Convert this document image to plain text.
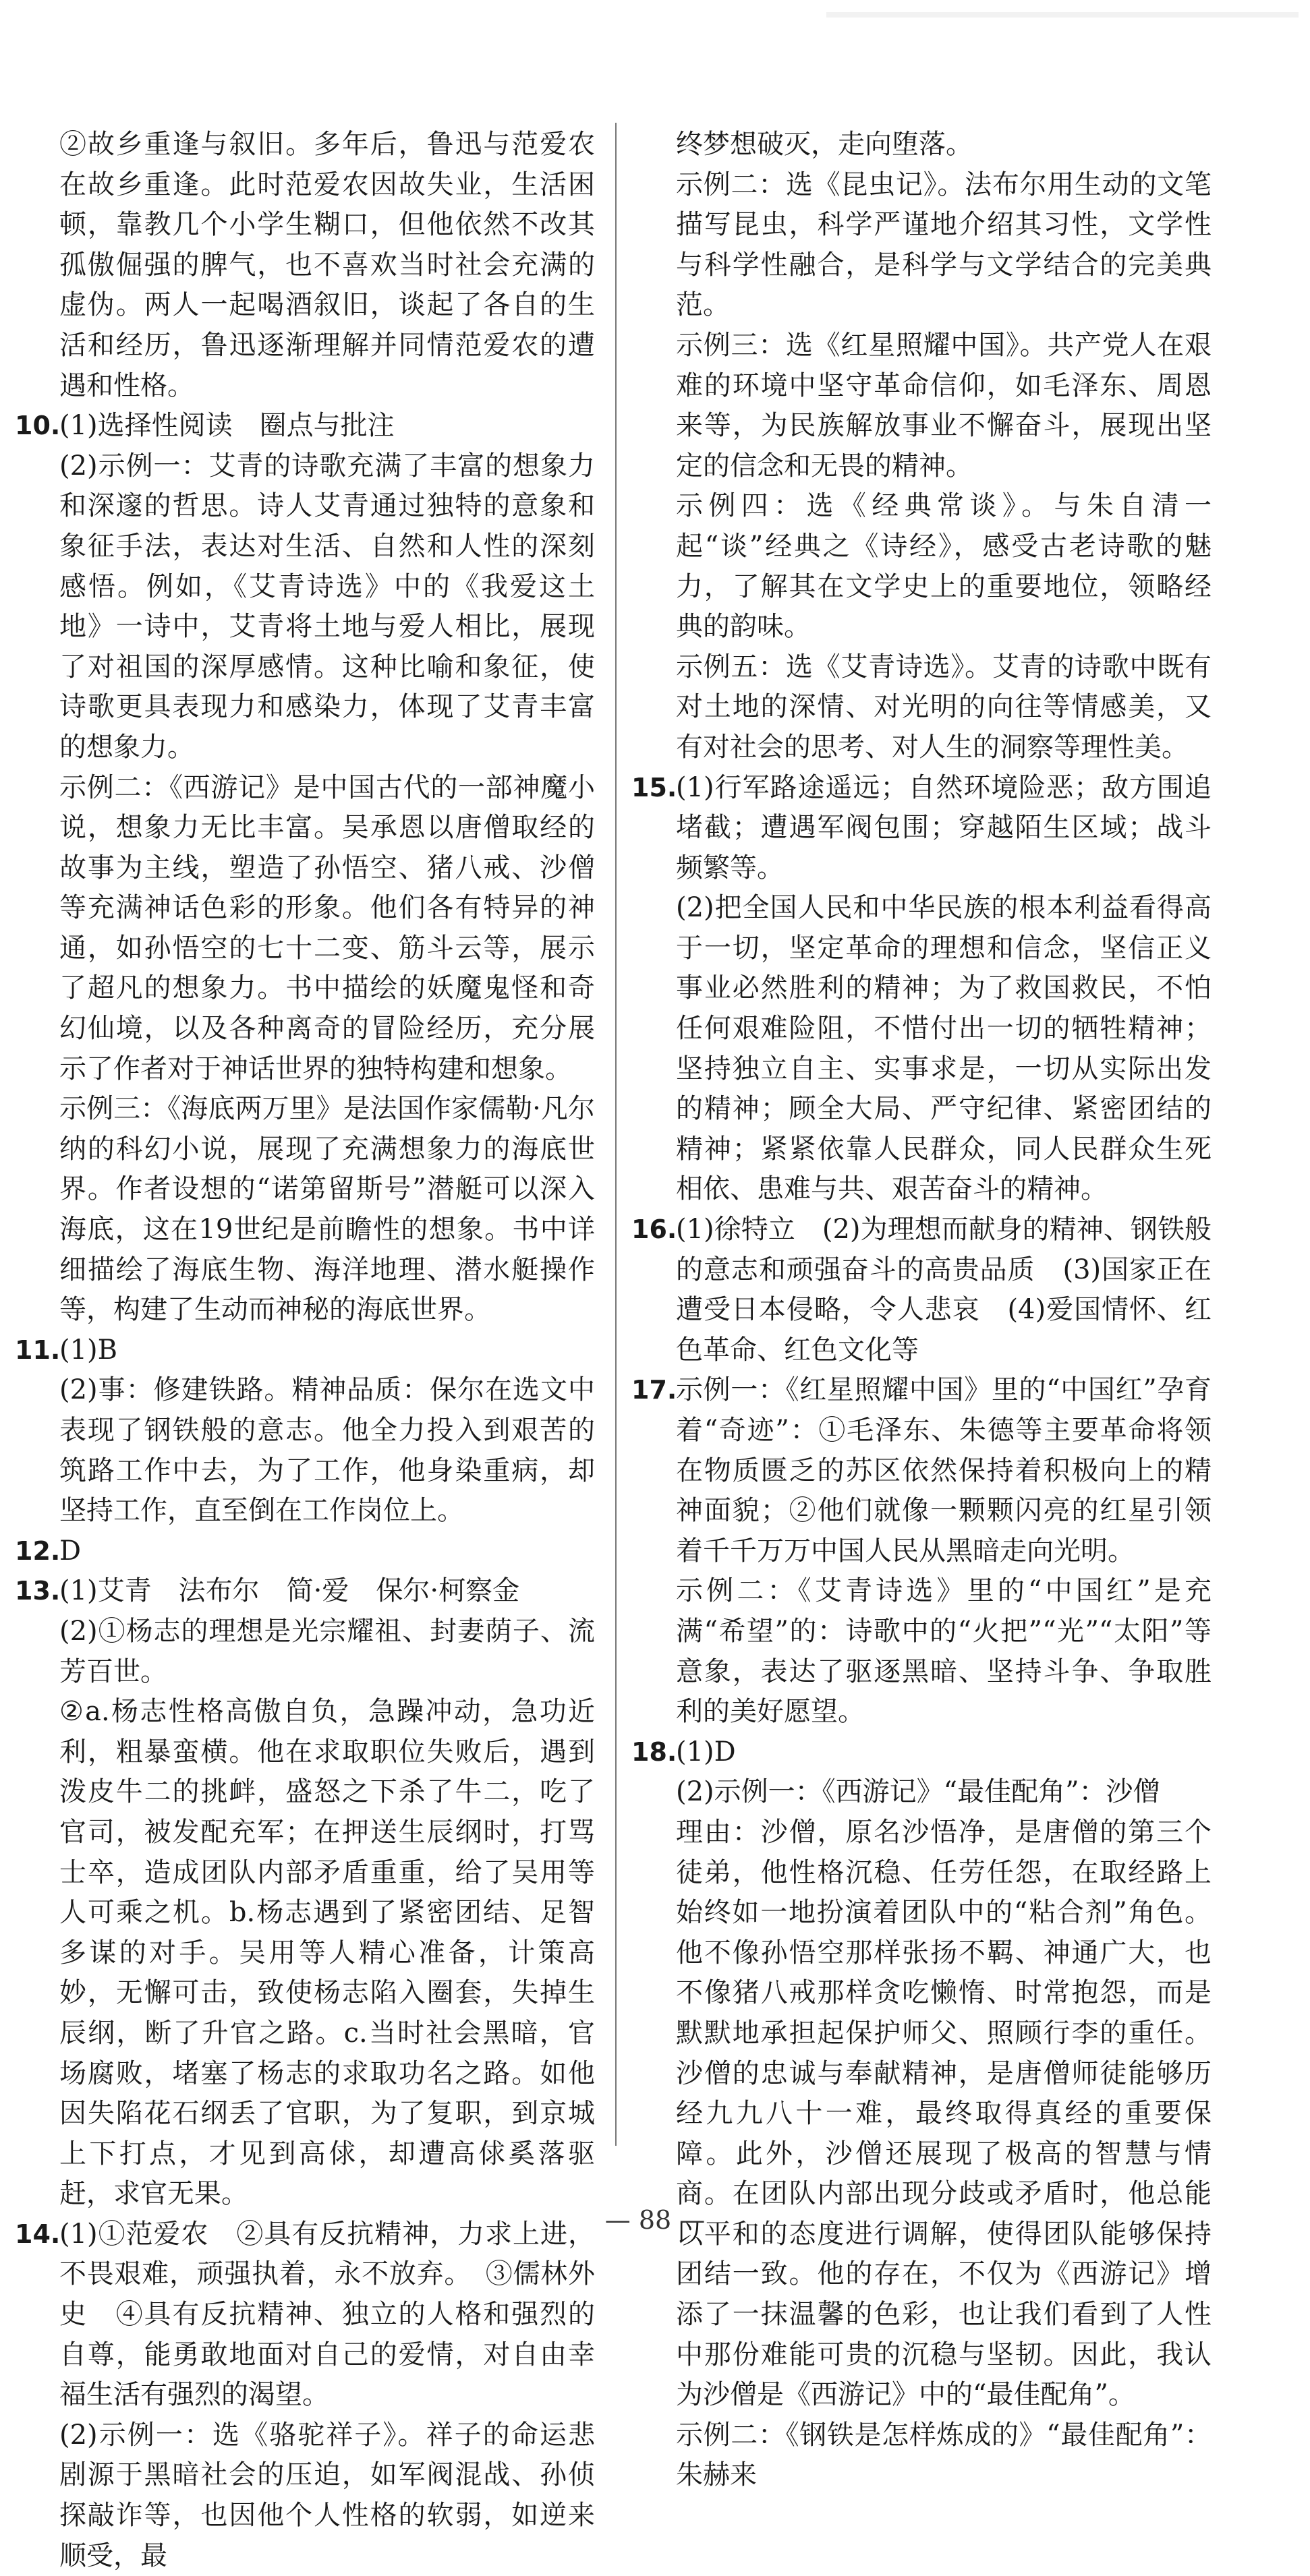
②故乡重逢与叙旧。多年后，鲁迅与范爱农在故乡重逢。此时范爱农因故失业，生活困顿，靠教几个小学生糊口，但他依然不改其孤傲倔强的脾气，也不喜欢当时社会充满的虚伪。两人一起喝酒叙旧，谈起了各自的生活和经历，鲁迅逐渐理解并同情范爱农的遭遇和性格。

10.

(1)选择性阅读　圈点与批注

(2)示例一：艾青的诗歌充满了丰富的想象力和深邃的哲思。诗人艾青通过独特的意象和象征手法，表达对生活、自然和人性的深刻感悟。例如，《艾青诗选》中的《我爱这土地》一诗中，艾青将土地与爱人相比，展现了对祖国的深厚感情。这种比喻和象征，使诗歌更具表现力和感染力，体现了艾青丰富的想象力。

示例二：《西游记》是中国古代的一部神魔小说，想象力无比丰富。吴承恩以唐僧取经的故事为主线，塑造了孙悟空、猪八戒、沙僧等充满神话色彩的形象。他们各有特异的神通，如孙悟空的七十二变、筋斗云等，展示了超凡的想象力。书中描绘的妖魔鬼怪和奇幻仙境，以及各种离奇的冒险经历，充分展示了作者对于神话世界的独特构建和想象。

示例三：《海底两万里》是法国作家儒勒·凡尔纳的科幻小说，展现了充满想象力的海底世界。作者设想的“诺第留斯号”潜艇可以深入海底，这在19世纪是前瞻性的想象。书中详细描绘了海底生物、海洋地理、潜水艇操作等，构建了生动而神秘的海底世界。

11.

(1)B

(2)事：修建铁路。精神品质：保尔在选文中表现了钢铁般的意志。他全力投入到艰苦的筑路工作中去，为了工作，他身染重病，却坚持工作，直至倒在工作岗位上。

12.

D

13.

(1)艾青　法布尔　简·爱　保尔·柯察金

(2)①杨志的理想是光宗耀祖、封妻荫子、流芳百世。

②a.杨志性格高傲自负，急躁冲动，急功近利，粗暴蛮横。他在求取职位失败后，遇到泼皮牛二的挑衅，盛怒之下杀了牛二，吃了官司，被发配充军；在押送生辰纲时，打骂士卒，造成团队内部矛盾重重，给了吴用等人可乘之机。b.杨志遇到了紧密团结、足智多谋的对手。吴用等人精心准备，计策高妙，无懈可击，致使杨志陷入圈套，失掉生辰纲，断了升官之路。c.当时社会黑暗，官场腐败，堵塞了杨志的求取功名之路。如他因失陷花石纲丢了官职，为了复职，到京城上下打点，才见到高俅，却遭高俅奚落驱赶，求官无果。

14.

(1)①范爱农　②具有反抗精神，力求上进，不畏艰难，顽强执着，永不放弃。　③儒林外史　④具有反抗精神、独立的人格和强烈的自尊，能勇敢地面对自己的爱情，对自由幸福生活有强烈的渴望。

(2)示例一：选《骆驼祥子》。祥子的命运悲剧源于黑暗社会的压迫，如军阀混战、孙侦探敲诈等，也因他个人性格的软弱，如逆来顺受，最

终梦想破灭，走向堕落。

示例二：选《昆虫记》。法布尔用生动的文笔描写昆虫，科学严谨地介绍其习性，文学性与科学性融合，是科学与文学结合的完美典范。

示例三：选《红星照耀中国》。共产党人在艰难的环境中坚守革命信仰，如毛泽东、周恩来等，为民族解放事业不懈奋斗，展现出坚定的信念和无畏的精神。

示例四：选《经典常谈》。与朱自清一起“谈”经典之《诗经》，感受古老诗歌的魅力，了解其在文学史上的重要地位，领略经典的韵味。

示例五：选《艾青诗选》。艾青的诗歌中既有对土地的深情、对光明的向往等情感美，又有对社会的思考、对人生的洞察等理性美。

15.

(1)行军路途遥远；自然环境险恶；敌方围追堵截；遭遇军阀包围；穿越陌生区域；战斗频繁等。

(2)把全国人民和中华民族的根本利益看得高于一切，坚定革命的理想和信念，坚信正义事业必然胜利的精神；为了救国救民，不怕任何艰难险阻，不惜付出一切的牺牲精神；坚持独立自主、实事求是，一切从实际出发的精神；顾全大局、严守纪律、紧密团结的精神；紧紧依靠人民群众，同人民群众生死相依、患难与共、艰苦奋斗的精神。

16.

(1)徐特立　(2)为理想而献身的精神、钢铁般的意志和顽强奋斗的高贵品质　(3)国家正在遭受日本侵略，令人悲哀　(4)爱国情怀、红色革命、红色文化等

17.

示例一：《红星照耀中国》里的“中国红”孕育着“奇迹”：①毛泽东、朱德等主要革命将领在物质匮乏的苏区依然保持着积极向上的精神面貌；②他们就像一颗颗闪亮的红星引领着千千万万中国人民从黑暗走向光明。

示例二：《艾青诗选》里的“中国红”是充满“希望”的：诗歌中的“火把”“光”“太阳”等意象，表达了驱逐黑暗、坚持斗争、争取胜利的美好愿望。

18.

(1)D

(2)示例一：《西游记》“最佳配角”：沙僧

理由：沙僧，原名沙悟净，是唐僧的第三个徒弟，他性格沉稳、任劳任怨，在取经路上始终如一地扮演着团队中的“粘合剂”角色。他不像孙悟空那样张扬不羁、神通广大，也不像猪八戒那样贪吃懒惰、时常抱怨，而是默默地承担起保护师父、照顾行李的重任。沙僧的忠诚与奉献精神，是唐僧师徒能够历经九九八十一难，最终取得真经的重要保障。此外，沙僧还展现了极高的智慧与情商。在团队内部出现分歧或矛盾时，他总能以平和的态度进行调解，使得团队能够保持团结一致。他的存在，不仅为《西游记》增添了一抹温馨的色彩，也让我们看到了人性中那份难能可贵的沉稳与坚韧。因此，我认为沙僧是《西游记》中的“最佳配角”。

示例二：《钢铁是怎样炼成的》“最佳配角”：朱赫来

— 88 —
